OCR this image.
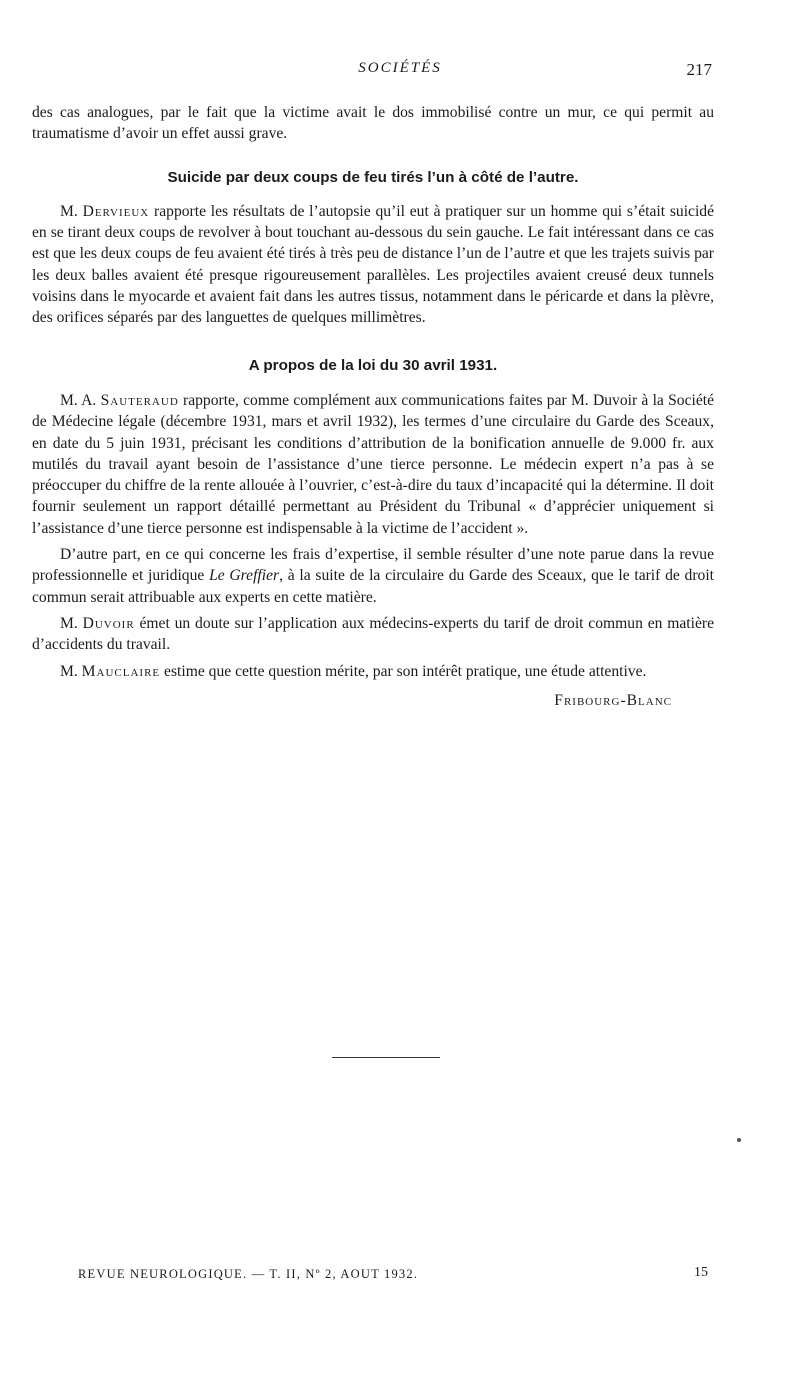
SOCIÉTÉS	217

des cas analogues, par le fait que la victime avait le dos immobilisé contre un mur, ce qui permit au traumatisme d’avoir un effet aussi grave.

Suicide par deux coups de feu tirés l’un à côté de l’autre.

M. Dervieux rapporte les résultats de l’autopsie qu’il eut à pratiquer sur un homme qui s’était suicidé en se tirant deux coups de revolver à bout touchant au-dessous du sein gauche. Le fait intéressant dans ce cas est que les deux coups de feu avaient été tirés à très peu de distance l’un de l’autre et que les trajets suivis par les deux balles avaient été presque rigoureusement parallèles. Les projectiles avaient creusé deux tunnels voisins dans le myocarde et avaient fait dans les autres tissus, notamment dans le péricarde et dans la plèvre, des orifices séparés par des languettes de quelques millimètres.

A propos de la loi du 30 avril 1931.

M. A. Sauteraud rapporte, comme complément aux communications faites par M. Duvoir à la Société de Médecine légale (décembre 1931, mars et avril 1932), les termes d’une circulaire du Garde des Sceaux, en date du 5 juin 1931, précisant les conditions d’attribution de la bonification annuelle de 9.000 fr. aux mutilés du travail ayant besoin de l’assistance d’une tierce personne. Le médecin expert n’a pas à se préoccuper du chiffre de la rente allouée à l’ouvrier, c’est-à-dire du taux d’incapacité qui la détermine. Il doit fournir seulement un rapport détaillé permettant au Président du Tribunal « d’apprécier uniquement si l’assistance d’une tierce personne est indispensable à la victime de l’accident ».

D’autre part, en ce qui concerne les frais d’expertise, il semble résulter d’une note parue dans la revue professionnelle et juridique Le Greffier, à la suite de la circulaire du Garde des Sceaux, que le tarif de droit commun serait attribuable aux experts en cette matière.

M. Duvoir émet un doute sur l’application aux médecins-experts du tarif de droit commun en matière d’accidents du travail.

M. Mauclaire estime que cette question mérite, par son intérêt pratique, une étude attentive.

Fribourg-Blanc

REVUE NEUROLOGIQUE. — T. II, Nº 2, AOUT 1932.	15
